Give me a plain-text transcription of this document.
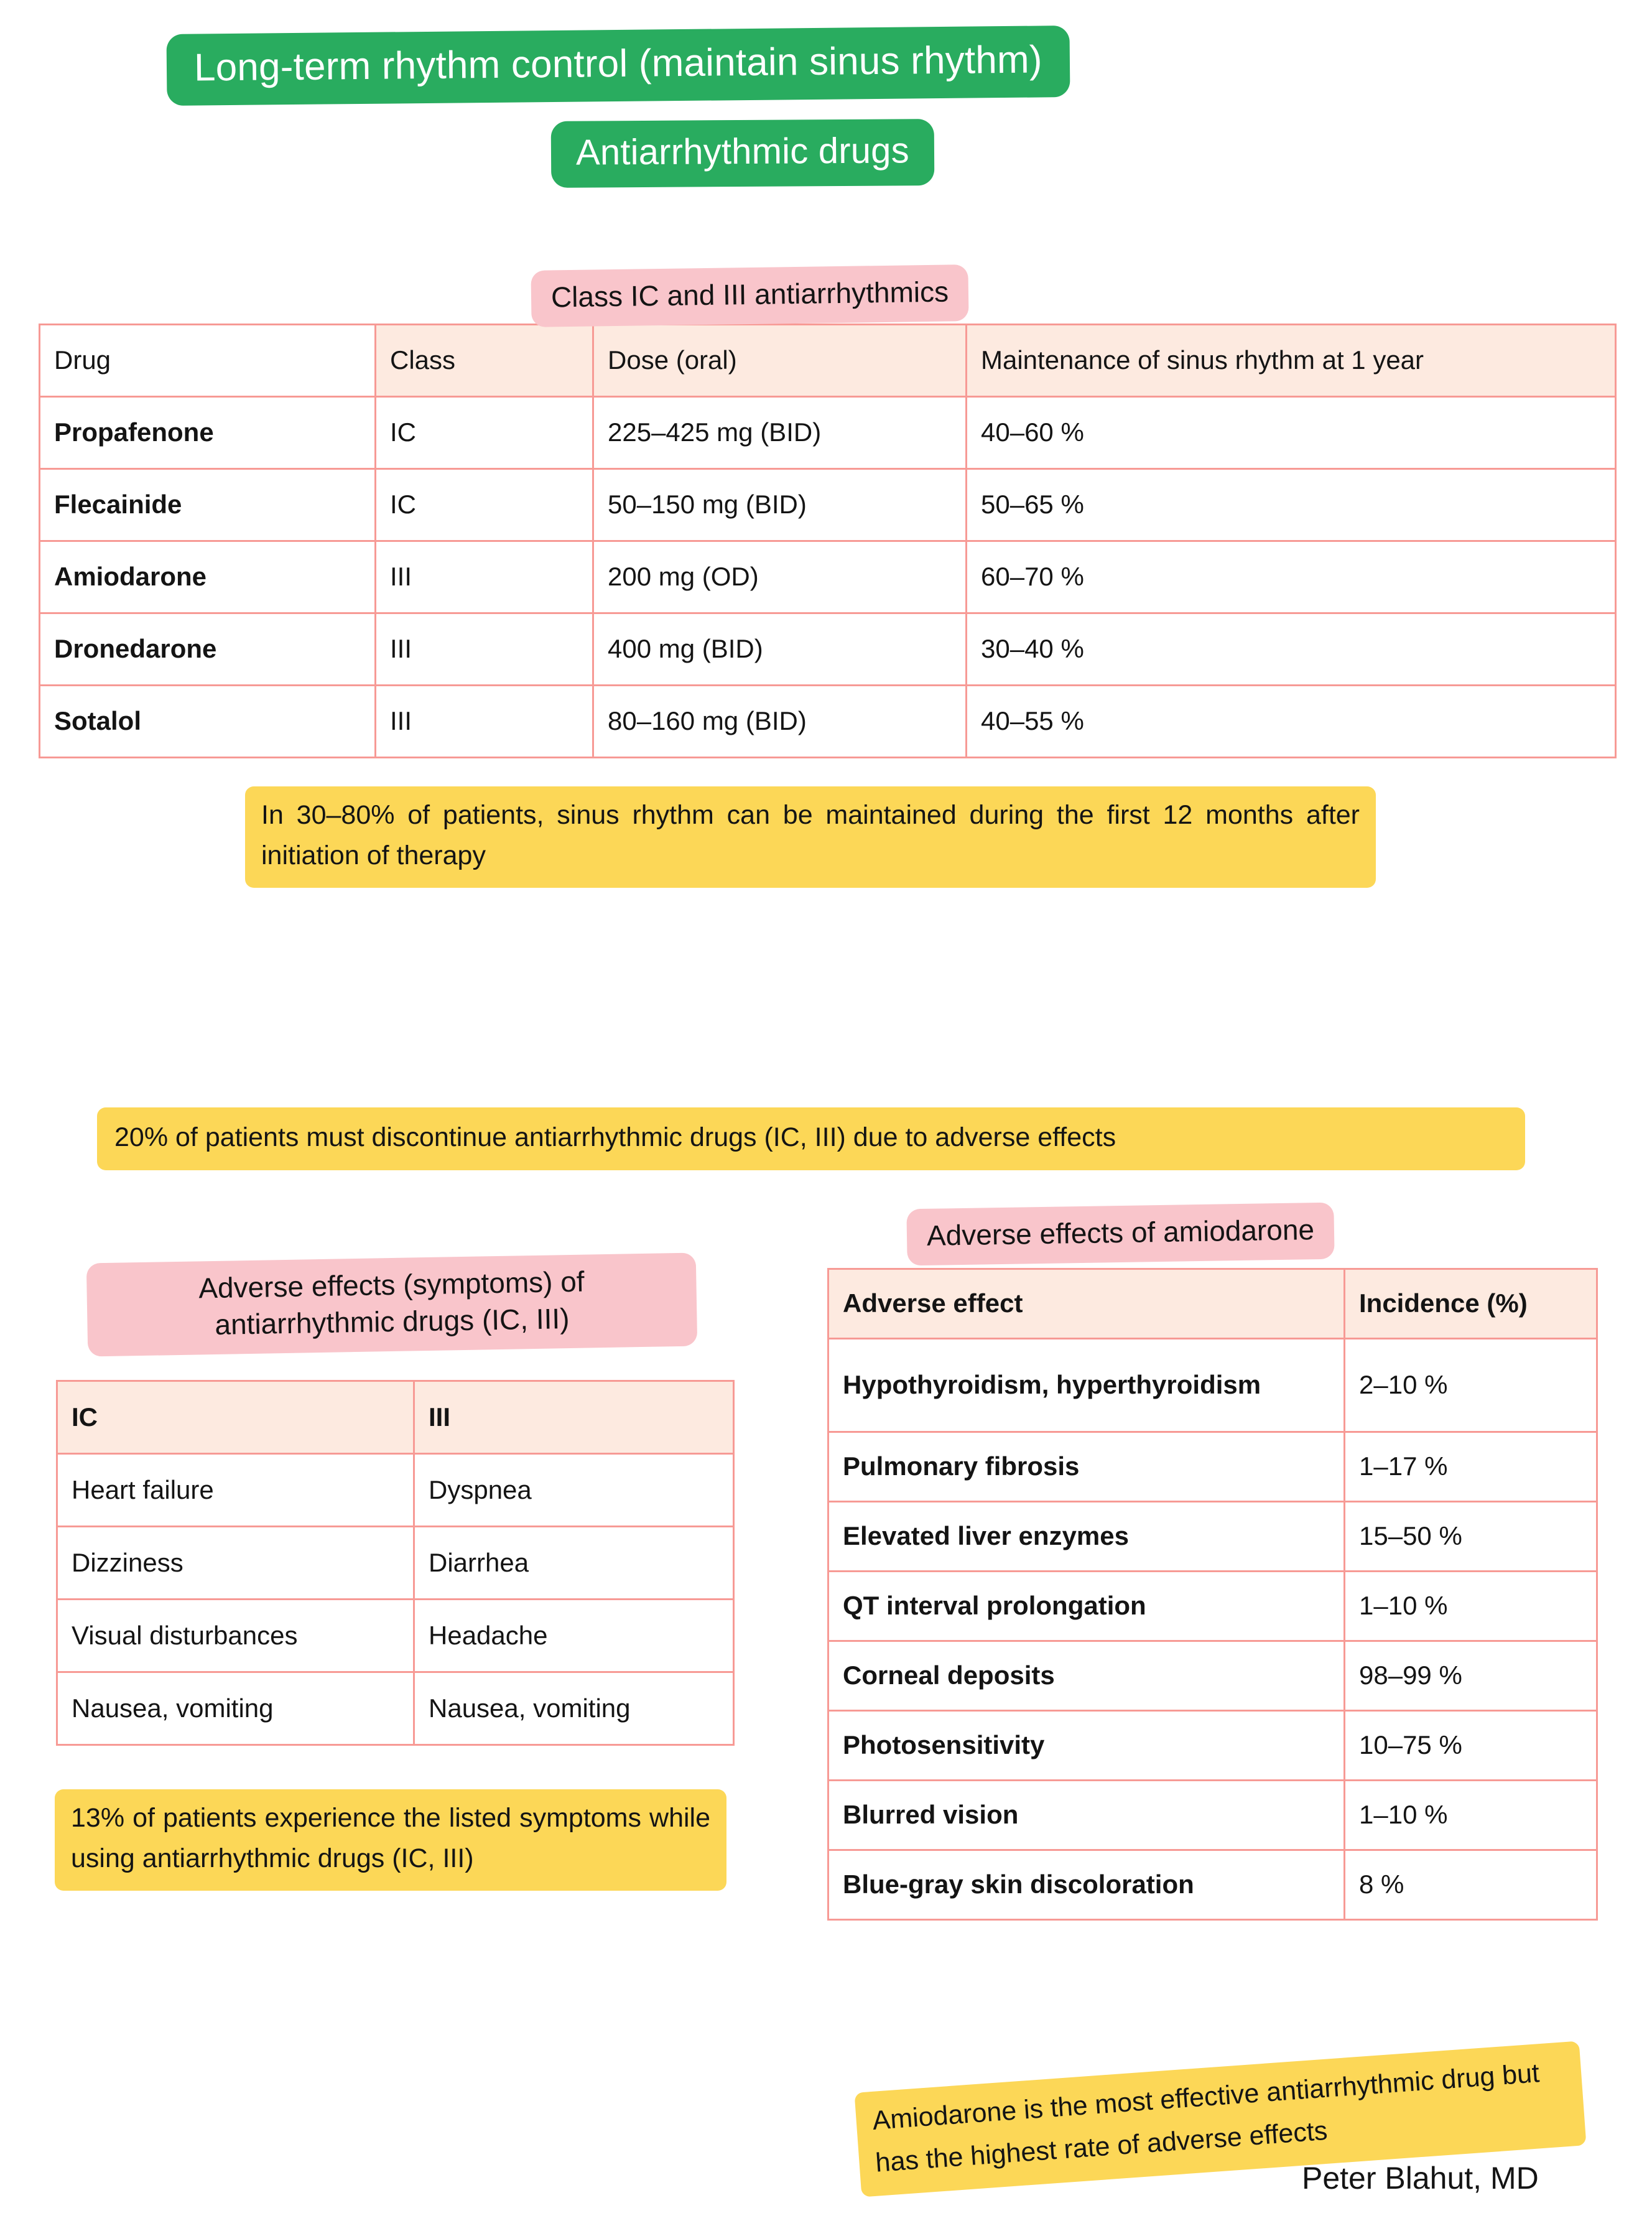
Long-term rhythm control (maintain sinus rhythm)
Antiarrhythmic drugs
Class IC and III antiarrhythmics
Drug	Class	Dose (oral)	Maintenance of sinus rhythm at 1 year
Propafenone	IC	225–425 mg (BID)	40–60 %
Flecainide	IC	50–150 mg (BID)	50–65 %
Amiodarone	III	200 mg (OD)	60–70 %
Dronedarone	III	400 mg (BID)	30–40 %
Sotalol	III	80–160 mg (BID)	40–55 %
In 30–80% of patients, sinus rhythm can be maintained during the first 12 months after initiation of therapy
20% of patients must discontinue antiarrhythmic drugs (IC, III) due to adverse effects
Adverse effects (symptoms) of antiarrhythmic drugs (IC, III)
IC	III
Heart failure	Dyspnea
Dizziness	Diarrhea
Visual disturbances	Headache
Nausea, vomiting	Nausea, vomiting
13% of patients experience the listed symptoms while using antiarrhythmic drugs (IC, III)
Adverse effects of amiodarone
Adverse effect	Incidence (%)
Hypothyroidism, hyperthyroidism	2–10 %
Pulmonary fibrosis	1–17 %
Elevated liver enzymes	15–50 %
QT interval prolongation	1–10 %
Corneal deposits	98–99 %
Photosensitivity	10–75 %
Blurred vision	1–10 %
Blue-gray skin discoloration	8 %
Amiodarone is the most effective antiarrhythmic drug but has the highest rate of adverse effects
Peter Blahut, MD
